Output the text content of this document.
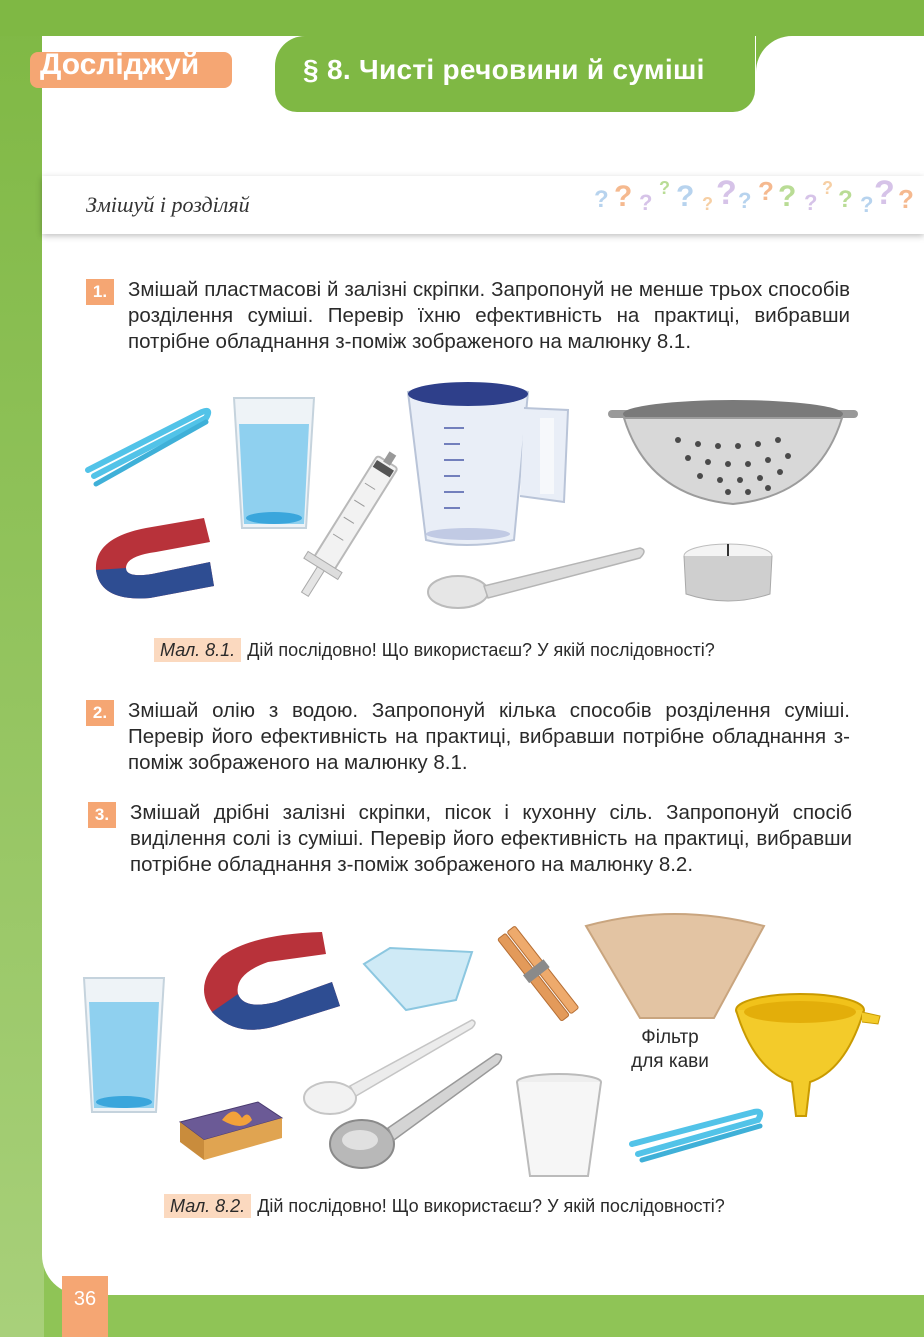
§ 8. Чисті речовини й суміші
Досліджуй
Змішуй і розділяй	? ? ?
? ? ? ? ? ? ? ?
? ? ? ? ?
1.	Змішай пластмасові й залізні скріпки. Запропонуй не менше трьох способів розділення суміші. Перевір їхню ефективність на практиці, вибравши потрібне обладнання з-поміж зображеного на малюнку 8.1.
Мал. 8.1. Дій послідовно! Що використаєш? У якій послідовності?
2.	Змішай олію з водою. Запропонуй кілька способів розділення суміші. Перевір його ефективність на практиці, вибравши потрібне обладнання з-поміж зображеного на малюнку 8.1.
3.	Змішай дрібні залізні скріпки, пісок і кухонну сіль. Запропонуй спосіб виділення солі із суміші. Перевір його ефективність на практиці, вибравши потрібне обладнання з-поміж зображеного на малюнку 8.2.
Фільтр
для кави
Мал. 8.2. Дій послідовно! Що використаєш? У якій послідовності?
36
